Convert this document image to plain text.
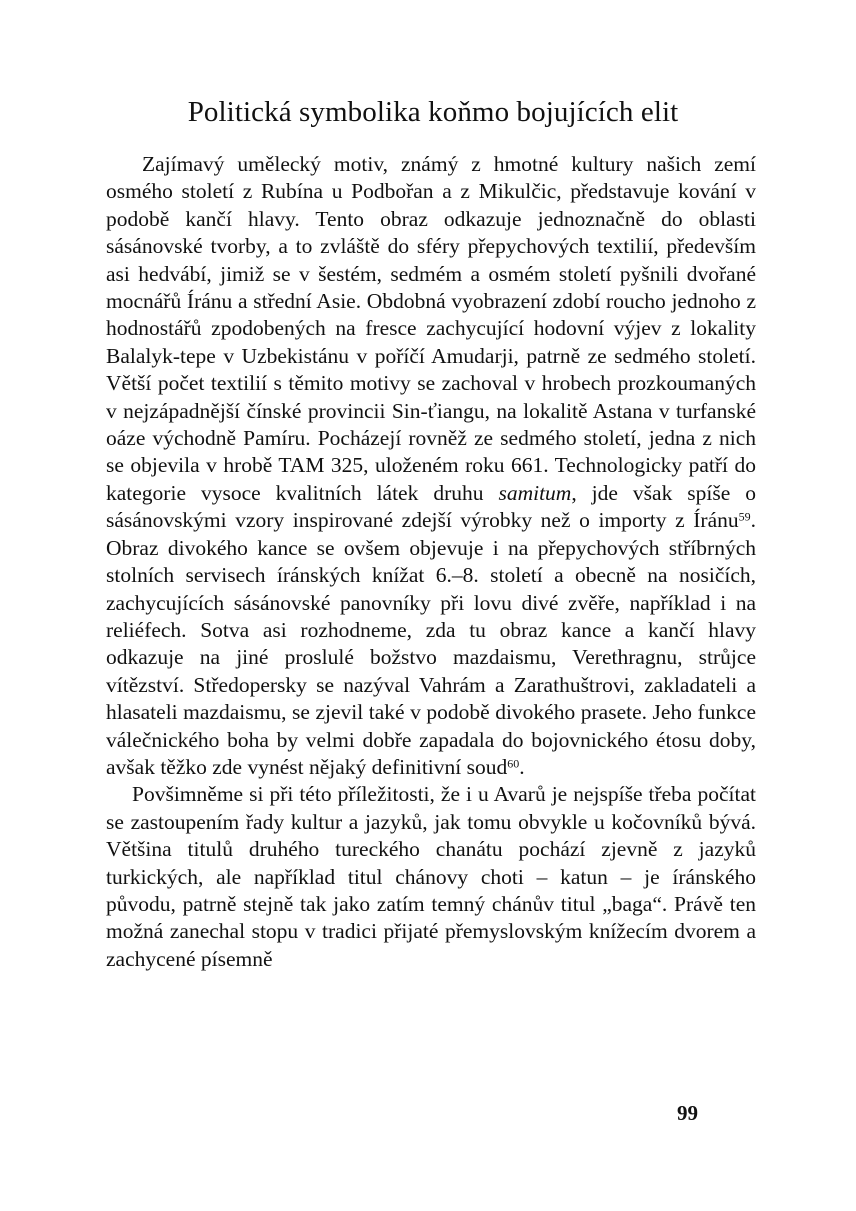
Politická symbolika koňmo bojujících elit

Zajímavý umělecký motiv, známý z hmotné kultury našich zemí osmého století z Rubína u Podbořan a z Mikulčic, představuje kování v podobě kančí hlavy. Tento obraz odkazuje jednoznačně do oblasti sásánovské tvorby, a to zvláště do sféry přepychových textilií, především asi hedvábí, jimiž se v šestém, sedmém a osmém století pyšnili dvořané mocnářů Íránu a střední Asie. Obdobná vyobrazení zdobí roucho jednoho z hodnostářů zpodobených na fresce zachycující hodovní výjev z lokality Balalyk-tepe v Uzbekistánu v poříčí Amudarji, patrně ze sedmého století. Větší počet textilií s těmito motivy se zachoval v hrobech prozkoumaných v nejzápadnější čínské provincii Sin-ťiangu, na lokalitě Astana v turfanské oáze východně Pamíru. Pocházejí rovněž ze sedmého století, jedna z nich se objevila v hrobě TAM 325, uloženém roku 661. Technologicky patří do kategorie vysoce kvalitních látek druhu samitum, jde však spíše o sásánovskými vzory inspirované zdejší výrobky než o importy z Íránu$^{59}$. Obraz divokého kance se ovšem objevuje i na přepychových stříbrných stolních servisech íránských knížat 6.–8. století a obecně na nosičích, zachycujících sásánovské panovníky při lovu divé zvěře, například i na reliéfech. Sotva asi rozhodneme, zda tu obraz kance a kančí hlavy odkazuje na jiné proslulé božstvo mazdaismu, Verethragnu, strůjce vítězství. Středopersky se nazýval Vahrám a Zarathuštrovi, zakladateli a hlasateli mazdaismu, se zjevil také v podobě divokého prasete. Jeho funkce válečnického boha by velmi dobře zapadala do bojovnického étosu doby, avšak těžko zde vynést nějaký definitivní soud$^{60}$.

Povšimněme si při této příležitosti, že i u Avarů je nejspíše třeba počítat se zastoupením řady kultur a jazyků, jak tomu obvykle u kočovníků bývá. Většina titulů druhého tureckého chanátu pochází zjevně z jazyků turkických, ale například titul chánovy choti – katun – je íránského původu, patrně stejně tak jako zatím temný chánův titul „baga“. Právě ten možná zanechal stopu v tradici přijaté přemyslovským knížecím dvorem a zachycené písemně

99
